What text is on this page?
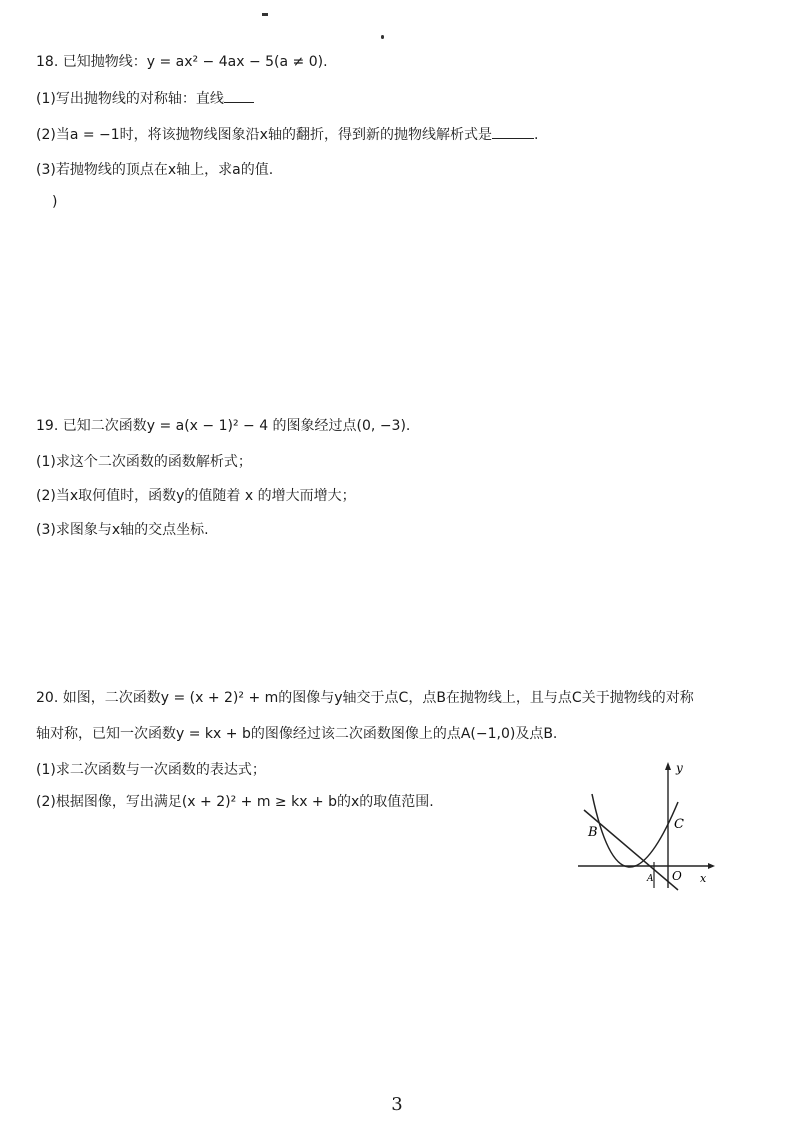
18. 已知抛物线：y = ax² − 4ax − 5(a ≠ 0).
(1)写出抛物线的对称轴：直线
(2)当a = −1时，将该抛物线图象沿x轴的翻折，得到新的抛物线解析式是	.
(3)若抛物线的顶点在x轴上，求a的值.
)
19. 已知二次函数y = a(x − 1)² − 4 的图象经过点(0, −3).
(1)求这个二次函数的函数解析式；
(2)当x取何值时，函数y的值随着 x 的增大而增大；
(3)求图象与x轴的交点坐标.
20. 如图，二次函数y = (x + 2)² + m的图像与y轴交于点C，点B在抛物线上，且与点C关于抛物线的对称
轴对称，已知一次函数y = kx + b的图像经过该二次函数图像上的点A(−1,0)及点B.
(1)求二次函数与一次函数的表达式；
(2)根据图像，写出满足(x + 2)² + m ≥ kx + b的x的取值范围.
y
x
B
C
O
A
3
